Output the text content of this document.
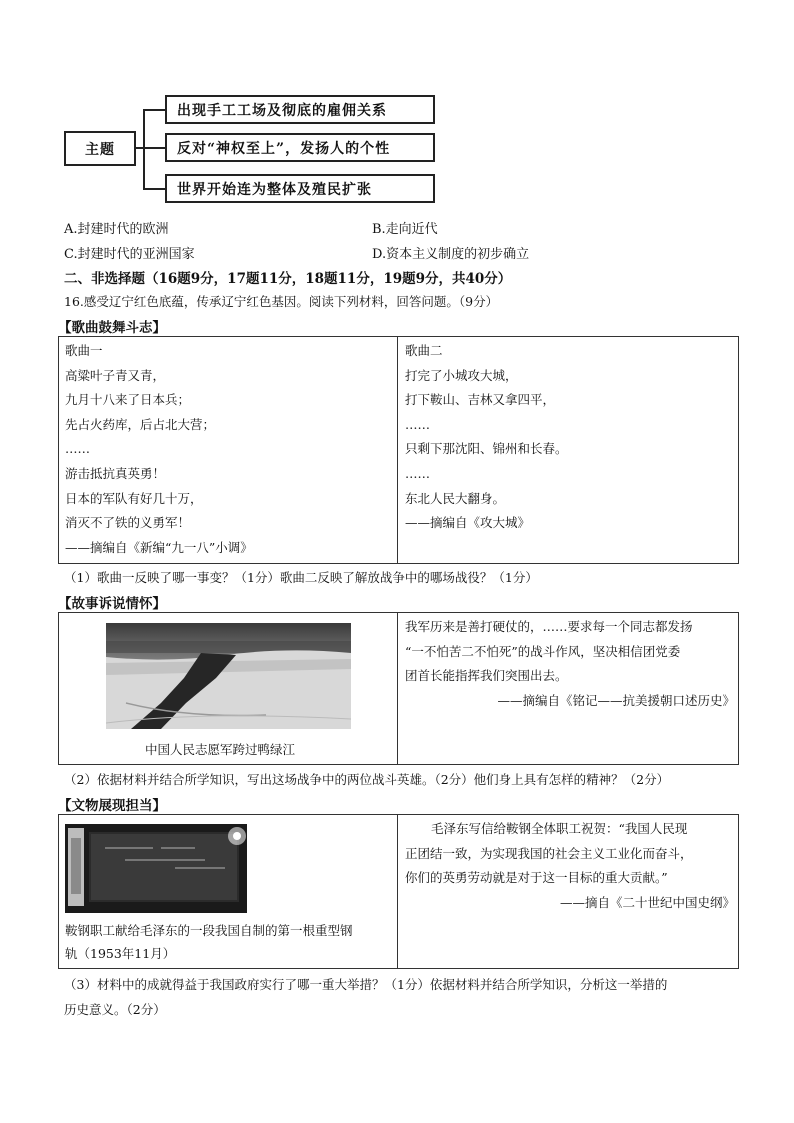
主题
出现手工工场及彻底的雇佣关系
反对“神权至上”，发扬人的个性
世界开始连为整体及殖民扩张
A.封建时代的欧洲	B.走向近代
C.封建时代的亚洲国家	D.资本主义制度的初步确立
二、非选择题（16题9分，17题11分，18题11分，19题9分，共40分）
16.感受辽宁红色底蕴，传承辽宁红色基因。阅读下列材料，回答问题。（9分）
【歌曲鼓舞斗志】
歌曲一
高粱叶子青又青，
九月十八来了日本兵；
先占火药库，后占北大营；
……
游击抵抗真英勇！
日本的军队有好几十万，
消灭不了铁的义勇军！
——摘编自《新编“九一八”小调》
歌曲二
打完了小城攻大城，
打下鞍山、吉林又拿四平，
……
只剩下那沈阳、锦州和长春。
……
东北人民大翻身。
——摘编自《攻大城》
（1）歌曲一反映了哪一事变？（1分）歌曲二反映了解放战争中的哪场战役？（1分）
【故事诉说情怀】
中国人民志愿军跨过鸭绿江
我军历来是善打硬仗的，……要求每一个同志都发扬
“一不怕苦二不怕死”的战斗作风，坚决相信团党委
团首长能指挥我们突围出去。
——摘编自《铭记——抗美援朝口述历史》
（2）依据材料并结合所学知识，写出这场战争中的两位战斗英雄。（2分）他们身上具有怎样的精神？（2分）
【文物展现担当】
鞍钢职工献给毛泽东的一段我国自制的第一根重型钢
轨（1953年11月）
毛泽东写信给鞍钢全体职工祝贺：“我国人民现
正团结一致，为实现我国的社会主义工业化而奋斗，
你们的英勇劳动就是对于这一目标的重大贡献。”
——摘自《二十世纪中国史纲》
（3）材料中的成就得益于我国政府实行了哪一重大举措？（1分）依据材料并结合所学知识，分析这一举措的
历史意义。（2分）
